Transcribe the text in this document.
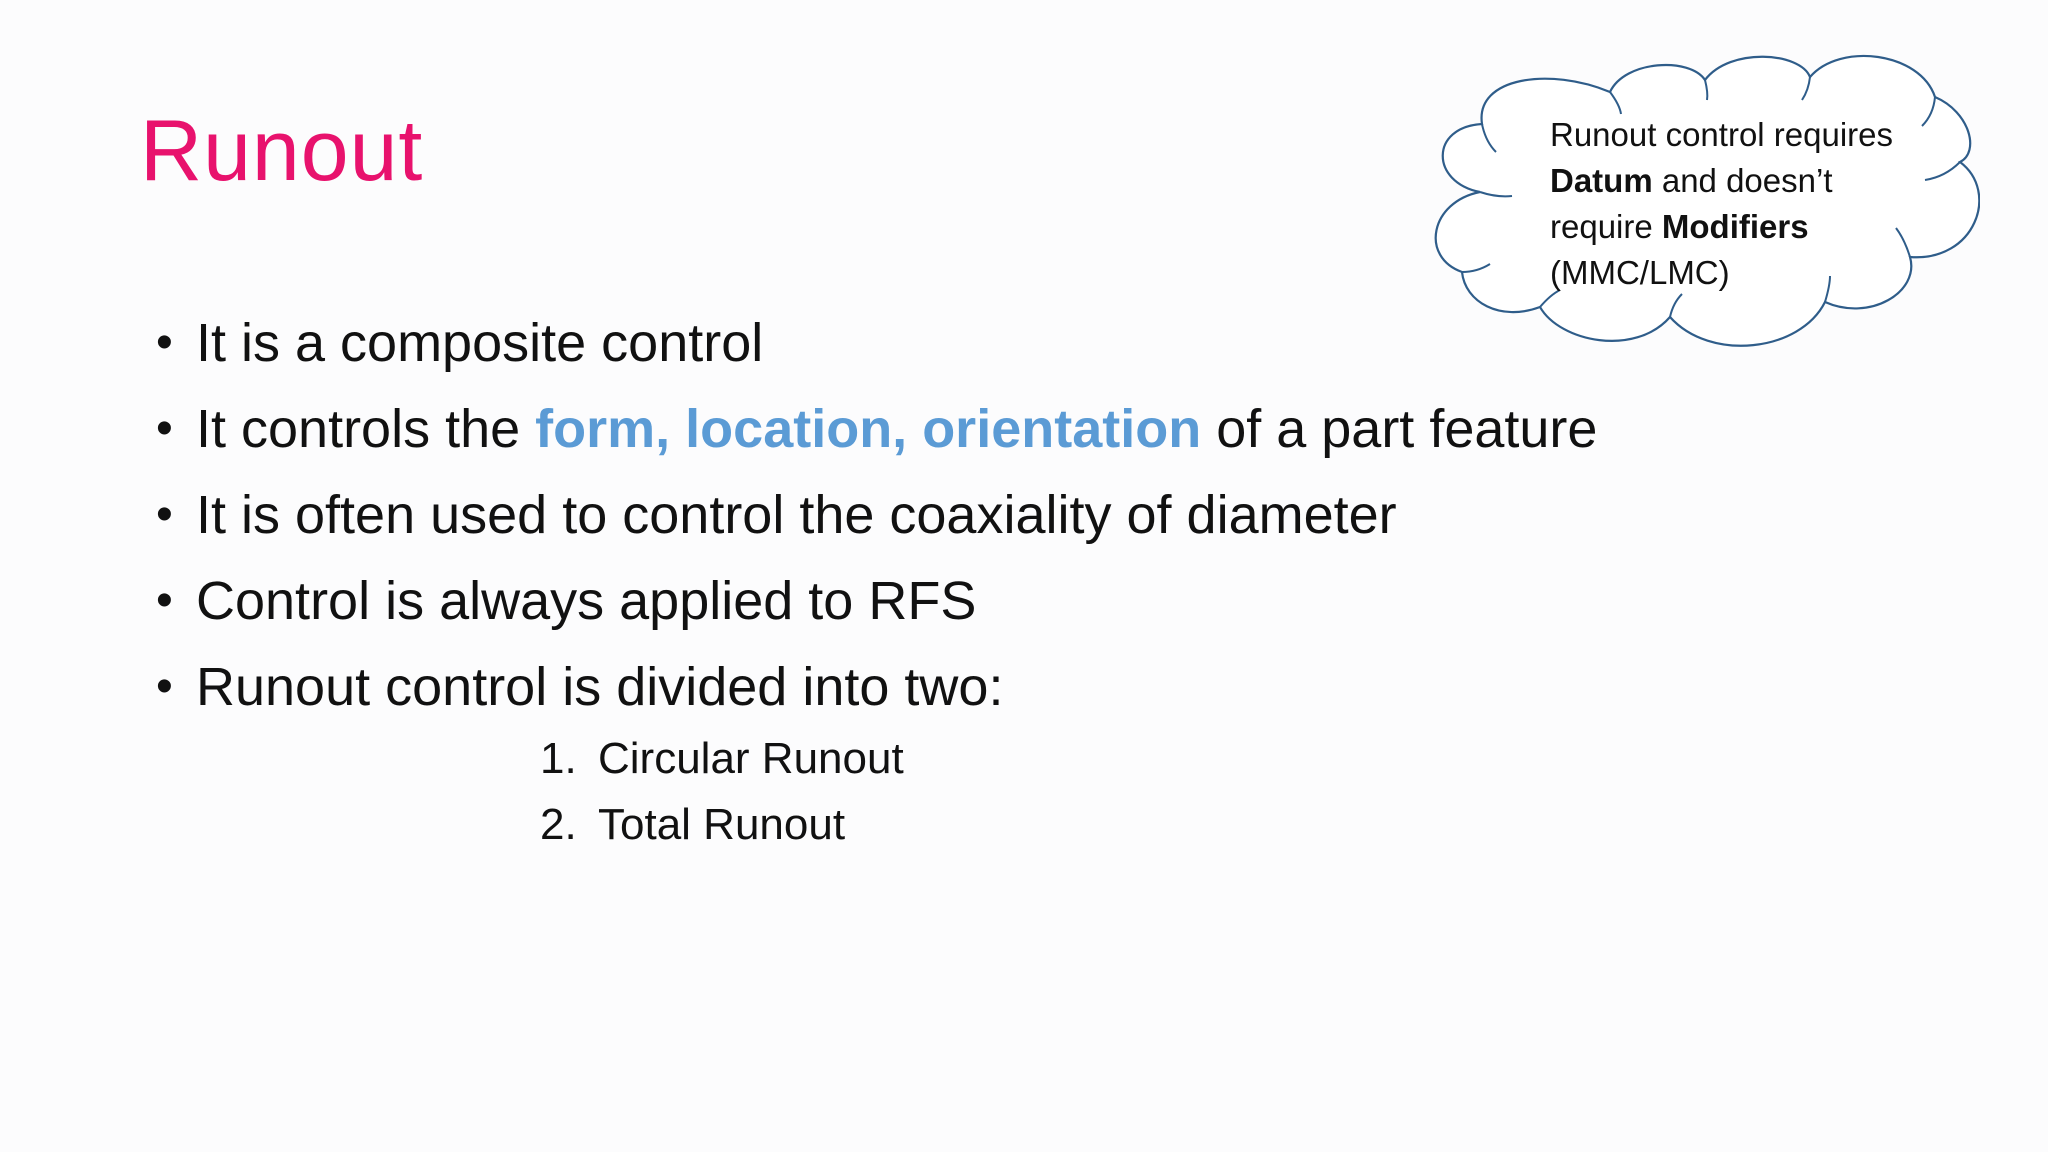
Runout
• It is a composite control
• It controls the form, location, orientation of a part feature
• It is often used to control the coaxiality of diameter
• Control is always applied to RFS
• Runout control is divided into two:
1. Circular Runout
2. Total Runout
Runout control requires
Datum and doesn’t
require Modifiers
(MMC/LMC)
